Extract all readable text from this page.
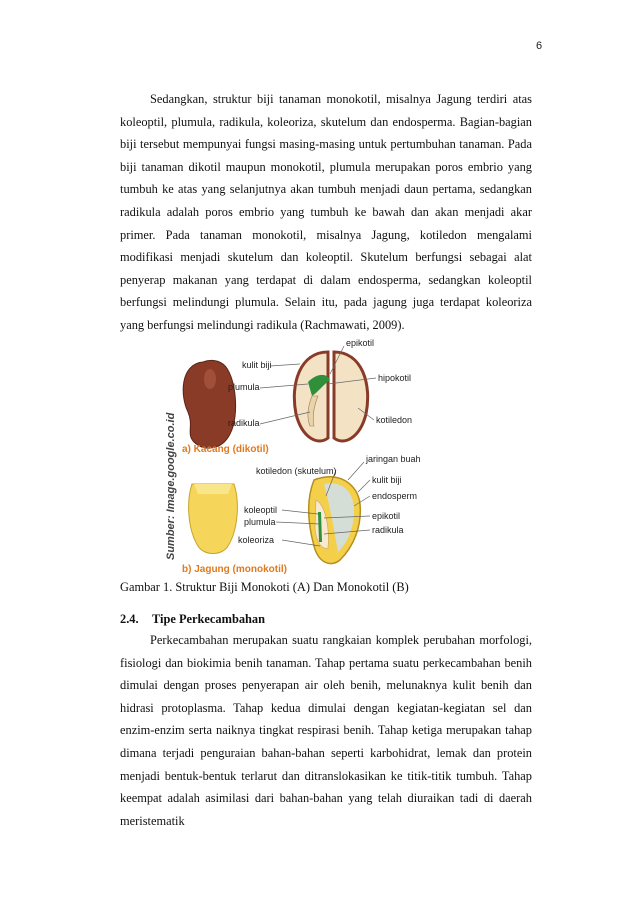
6

Sedangkan, struktur biji tanaman monokotil, misalnya Jagung terdiri atas koleoptil, plumula, radikula, koleoriza, skutelum dan endosperma. Bagian-bagian biji tersebut mempunyai fungsi masing-masing untuk pertumbuhan tanaman. Pada biji tanaman dikotil maupun monokotil, plumula merupakan poros embrio yang tumbuh ke atas yang selanjutnya akan tumbuh menjadi daun pertama, sedangkan radikula adalah poros embrio yang tumbuh ke bawah dan akan menjadi akar primer. Pada tanaman monokotil, misalnya Jagung, kotiledon mengalami modifikasi menjadi skutelum dan koleoptil. Skutelum berfungsi sebagai alat penyerap makanan yang terdapat di dalam endosperma, sedangkan koleoptil berfungsi melindungi plumula. Selain itu, pada jagung juga terdapat koleoriza yang berfungsi melindungi radikula (Rachmawati, 2009).

Sumber: Image.google.co.id
kulit biji
plumula
radikula
epikotil
hipokotil
kotiledon
a) Kacang (dikotil)
kotiledon (skutelum)
jaringan buah
kulit biji
endosperm
koleoptil
plumula
epikotil
radikula
koleoriza
b) Jagung (monokotil)
Gambar 1. Struktur Biji Monokoti (A) Dan Monokotil (B)
2.4. Tipe Perkecambahan

Perkecambahan merupakan suatu rangkaian komplek perubahan morfologi, fisiologi dan biokimia benih tanaman. Tahap pertama suatu perkecambahan benih dimulai dengan proses penyerapan air oleh benih, melunaknya kulit benih dan hidrasi protoplasma. Tahap kedua dimulai dengan kegiatan-kegiatan sel dan enzim-enzim serta naiknya tingkat respirasi benih. Tahap ketiga merupakan tahap dimana terjadi penguraian bahan-bahan seperti karbohidrat, lemak dan protein menjadi bentuk-bentuk terlarut dan ditranslokasikan ke titik-titik tumbuh. Tahap keempat adalah asimilasi dari bahan-bahan yang telah diuraikan tadi di daerah meristematik
